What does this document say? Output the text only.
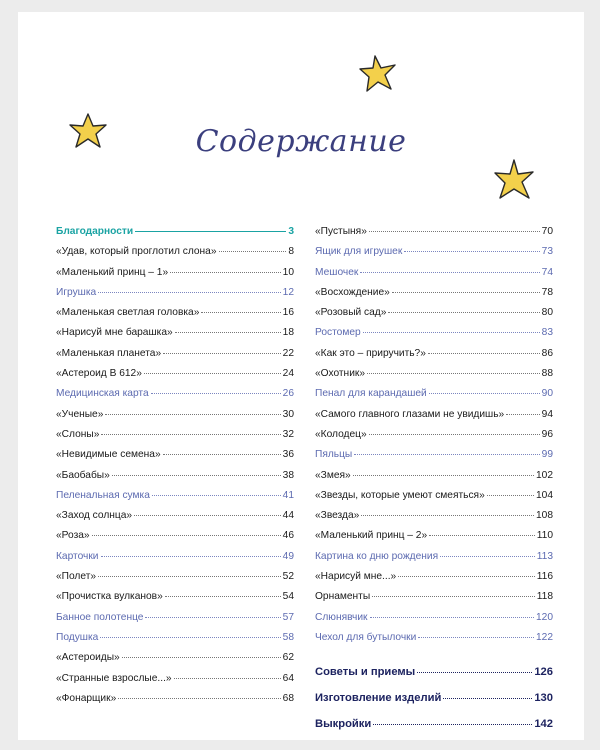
Содержание
Благодарности	3
«Удав, который проглотил слона»	8
«Маленький принц – 1»	10
Игрушка	12
«Маленькая светлая головка»	16
«Нарисуй мне барашка»	18
«Маленькая планета»	22
«Астероид В 612»	24
Медицинская карта	26
«Ученые»	30
«Слоны»	32
«Невидимые семена»	36
«Баобабы»	38
Пеленальная сумка	41
«Заход солнца»	44
«Роза»	46
Карточки	49
«Полет»	52
«Прочистка вулканов»	54
Банное полотенце	57
Подушка	58
«Астероиды»	62
«Странные взрослые...»	64
«Фонарщик»	68
«Пустыня»	70
Ящик для игрушек	73
Мешочек	74
«Восхождение»	78
«Розовый сад»	80
Ростомер	83
«Как это – приручить?»	86
«Охотник»	88
Пенал для карандашей	90
«Самого главного глазами не увидишь»	94
«Колодец»	96
Пяльцы	99
«Змея»	102
«Звезды, которые умеют смеяться»	104
«Звезда»	108
«Маленький принц – 2»	110
Картина ко дню рождения	113
«Нарисуй мне...»	116
Орнаменты	118
Слюнявчик	120
Чехол для бутылочки	122
Советы и приемы	126
Изготовление изделий	130
Выкройки	142
